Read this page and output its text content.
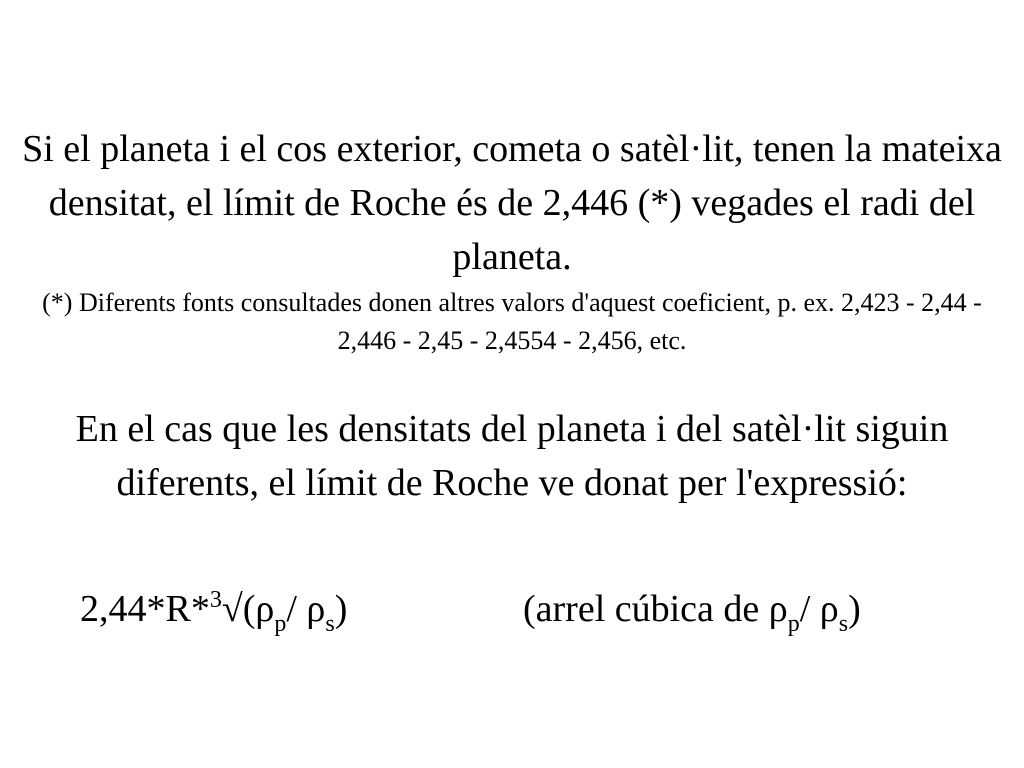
Si el planeta i el cos exterior, cometa o satèl·lit, tenen la mateixa densitat, el límit de Roche és de 2,446 (*) vegades el radi del planeta.

(*) Diferents fonts consultades donen altres valors d'aquest coeficient, p. ex. 2,423 - 2,44 - 2,446 - 2,45 - 2,4554 - 2,456, etc.

En el cas que les densitats del planeta i del satèl·lit siguin diferents, el límit de Roche ve donat per l'expressió:

$2,44*R*^3√(\rho_p/$ $\rho_s$)	(arrel cúbica de $\rho_p/$ $\rho_s$)
